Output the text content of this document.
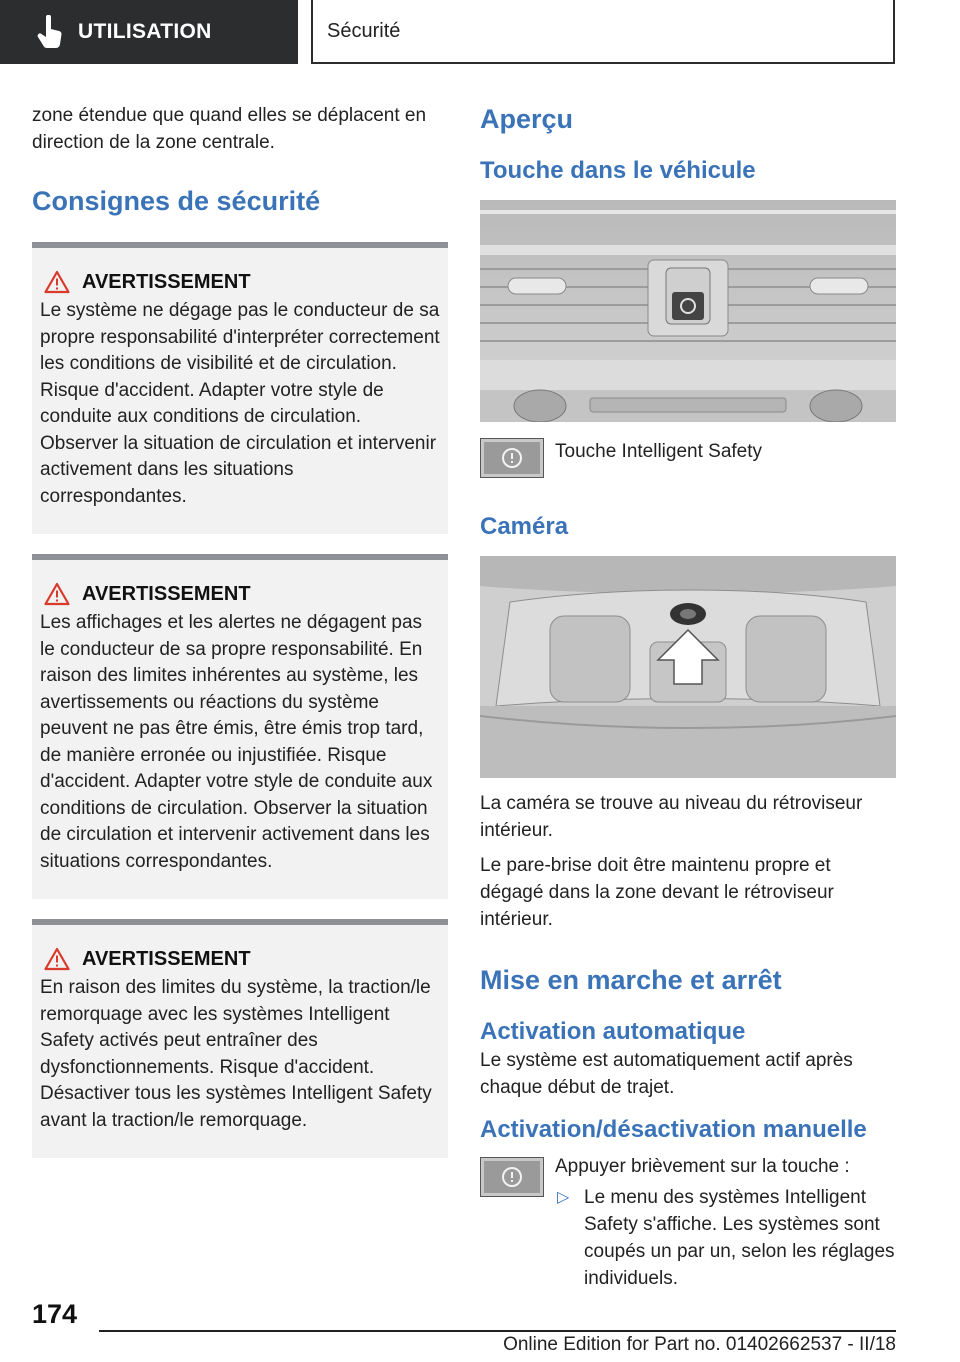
UTILISATION	Sécurité

zone étendue que quand elles se déplacent en direction de la zone centrale.

Consignes de sécurité
AVERTISSEMENT

Le système ne dégage pas le conducteur de sa propre responsabilité d'interpréter correctement les conditions de visibilité et de circulation. Risque d'accident. Adapter votre style de conduite aux conditions de circulation. Observer la situation de circulation et intervenir activement dans les situations correspondantes.

AVERTISSEMENT

Les affichages et les alertes ne dégagent pas le conducteur de sa propre responsabilité. En raison des limites inhérentes au système, les avertissements ou réactions du système peuvent ne pas être émis, être émis trop tard, de manière erronée ou injustifiée. Risque d'accident. Adapter votre style de conduite aux conditions de circulation. Observer la situation de circulation et intervenir activement dans les situations correspondantes.

AVERTISSEMENT

En raison des limites du système, la traction/le remorquage avec les systèmes Intelligent Safety activés peut entraîner des dysfonctionnements. Risque d'accident. Désactiver tous les systèmes Intelligent Safety avant la traction/le remorquage.

Aperçu
Touche dans le véhicule

Touche Intelligent Safety

Caméra

La caméra se trouve au niveau du rétroviseur intérieur.

Le pare-brise doit être maintenu propre et dégagé dans la zone devant le rétroviseur intérieur.

Mise en marche et arrêt
Activation automatique

Le système est automatiquement actif après chaque début de trajet.

Activation/désactivation manuelle

Appuyer brièvement sur la touche :

▷ Le menu des systèmes Intelligent Safety s'affiche. Les systèmes sont coupés un par un, selon les réglages individuels.

174
Online Edition for Part no. 01402662537 - II/18
